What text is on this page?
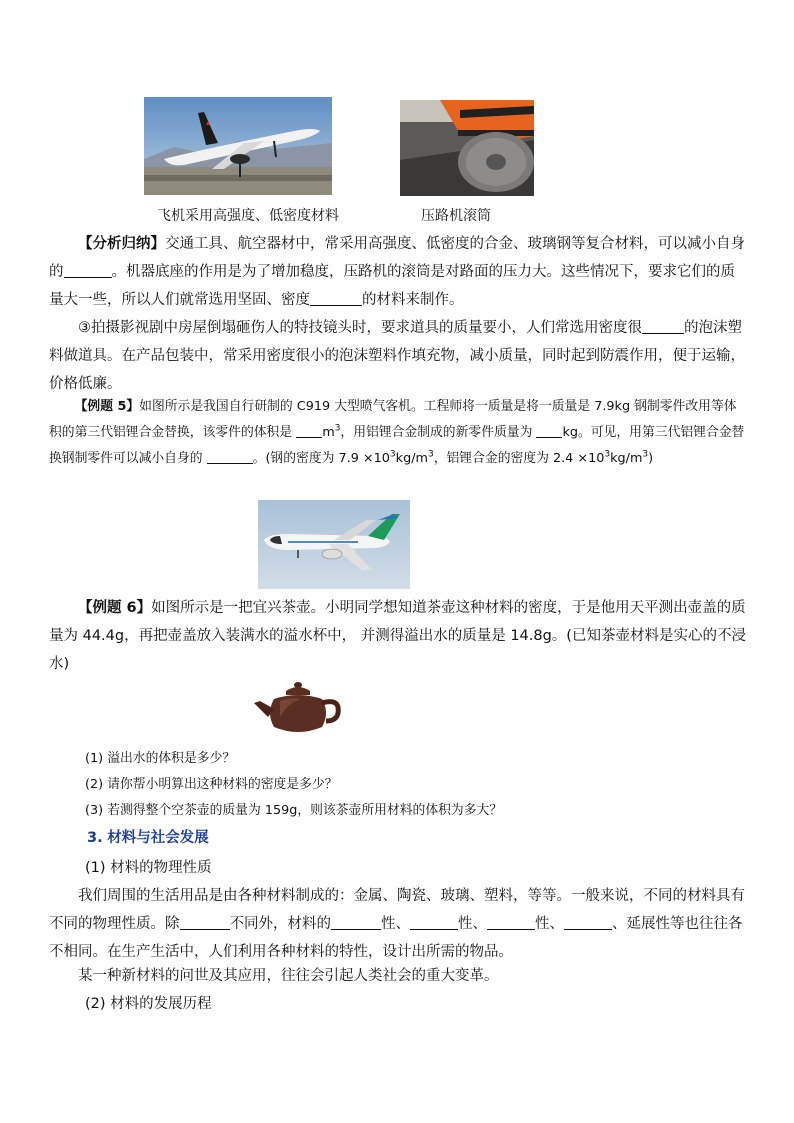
飞机采用高强度、低密度材料	压路机滚筒
【分析归纳】交通工具、航空器材中，常采用高强度、低密度的合金、玻璃钢等复合材料，可以减小自身的	。机器底座的作用是为了增加稳度，压路机的滚筒是对路面的压力大。这些情况下，要求它们的质量大一些，所以人们就常选用坚固、密度	的材料来制作。
③拍摄影视剧中房屋倒塌砸伤人的特技镜头时，要求道具的质量要小，人们常选用密度很	的泡沫塑料做道具。在产品包装中，常采用密度很小的泡沫塑料作填充物，减小质量，同时起到防震作用，便于运输，价格低廉。
【例题 5】如图所示是我国自行研制的 C919 大型喷气客机。工程师将一质量是将一质量是 7.9kg 钢制零件改用等体积的第三代铝锂合金替换，该零件的体积是 $m^3$，用铝锂合金制成的新零件质量为 kg。可见，用第三代铝锂合金替换钢制零件可以减小自身的	。(钢的密度为 $7.9 \times 10^3kg/m^3$，铝锂合金的密度为 $2.4 \times 10^3kg/m^3$)
【例题 6】如图所示是一把宜兴茶壶。小明同学想知道茶壶这种材料的密度，于是他用天平测出壶盖的质量为 44.4g，再把壶盖放入装满水的溢水杯中， 并测得溢出水的质量是 14.8g。(已知茶壶材料是实心的不浸水)
(1) 溢出水的体积是多少？
(2) 请你帮小明算出这种材料的密度是多少？
(3) 若测得整个空茶壶的质量为 159g，则该茶壶所用材料的体积为多大？
3. 材料与社会发展
(1) 材料的物理性质
我们周围的生活用品是由各种材料制成的：金属、陶瓷、玻璃、塑料，等等。一般来说，不同的材料具有不同的物理性质。除	不同外，材料的	性、	性、	性、	、延展性等也往往各不相同。在生产生活中，人们利用各种材料的特性，设计出所需的物品。
某一种新材料的问世及其应用，往往会引起人类社会的重大变革。
(2) 材料的发展历程
